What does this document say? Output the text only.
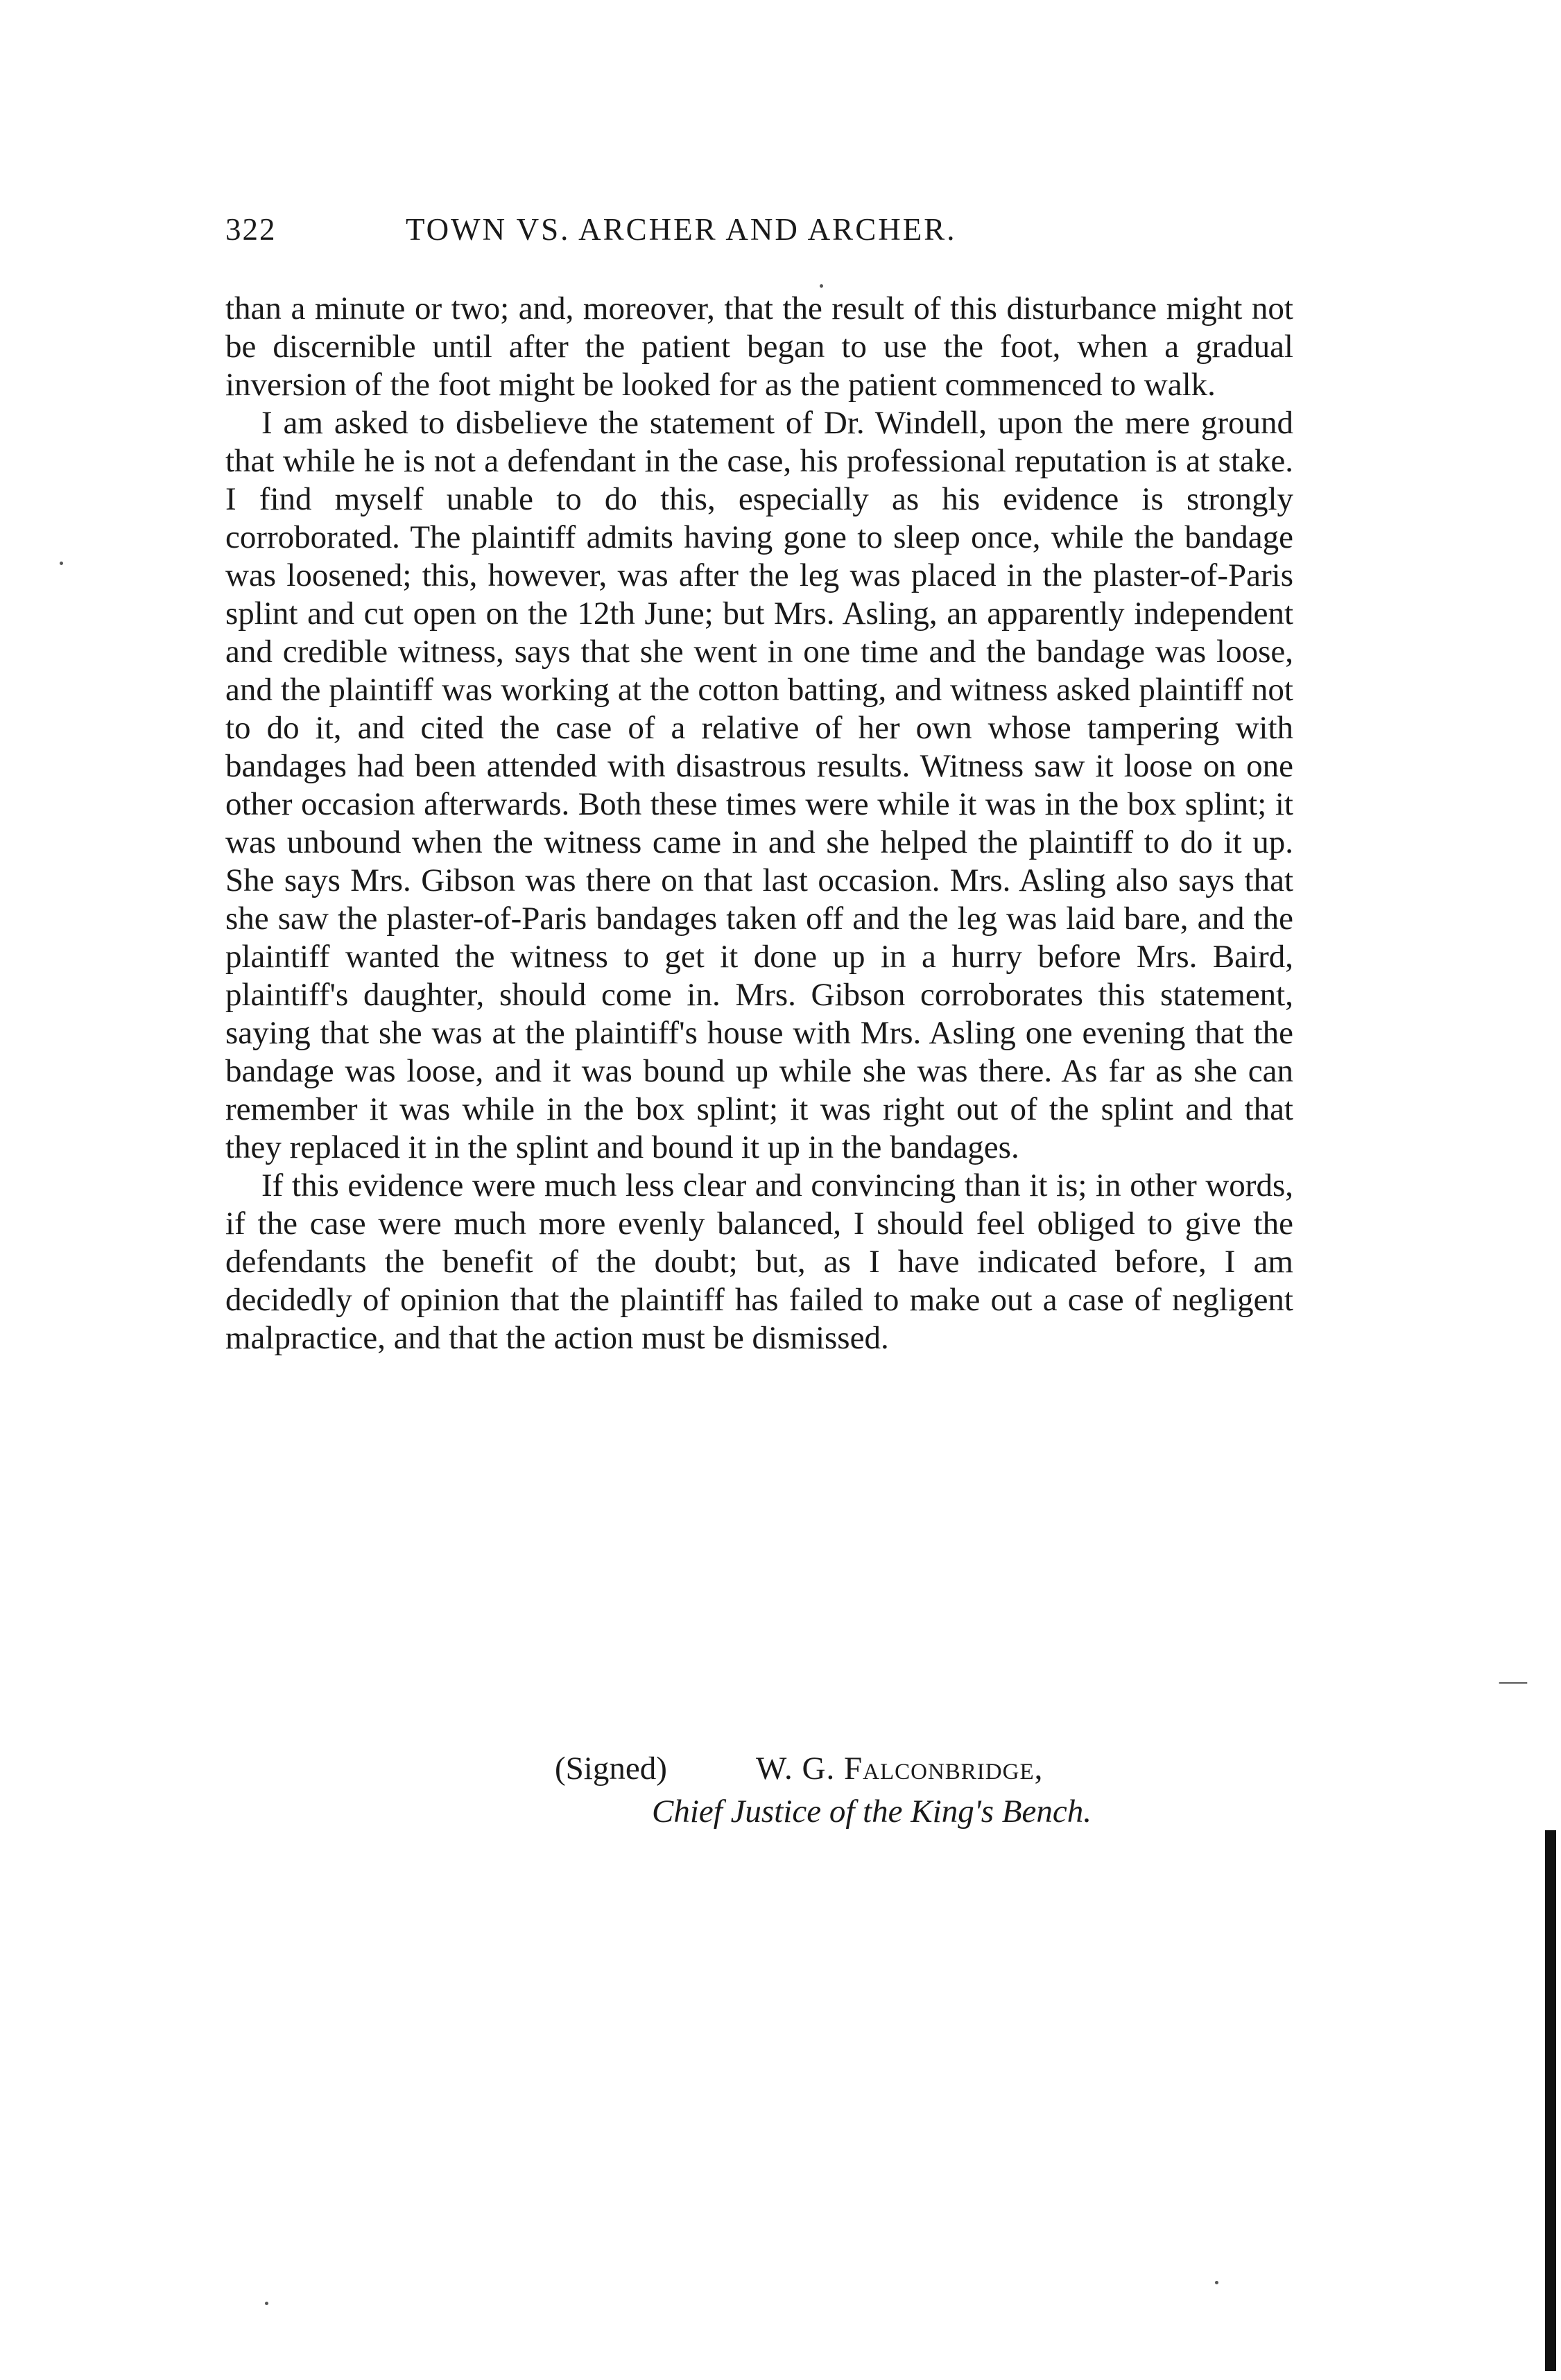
322	TOWN VS. ARCHER AND ARCHER.

than a minute or two; and, moreover, that the result of this disturbance might not be discernible until after the patient began to use the foot, when a gradual inversion of the foot might be looked for as the patient commenced to walk.

I am asked to disbelieve the statement of Dr. Windell, upon the mere ground that while he is not a defendant in the case, his professional reputation is at stake. I find myself unable to do this, especially as his evidence is strongly corroborated. The plaintiff admits having gone to sleep once, while the bandage was loosened; this, however, was after the leg was placed in the plaster-of-Paris splint and cut open on the 12th June; but Mrs. Asling, an apparently independent and credible witness, says that she went in one time and the bandage was loose, and the plaintiff was working at the cotton batting, and witness asked plaintiff not to do it, and cited the case of a relative of her own whose tampering with bandages had been attended with disastrous results. Witness saw it loose on one other occasion afterwards. Both these times were while it was in the box splint; it was unbound when the witness came in and she helped the plaintiff to do it up. She says Mrs. Gibson was there on that last occasion. Mrs. Asling also says that she saw the plaster-of-Paris bandages taken off and the leg was laid bare, and the plaintiff wanted the witness to get it done up in a hurry before Mrs. Baird, plaintiff's daughter, should come in. Mrs. Gibson corroborates this statement, saying that she was at the plaintiff's house with Mrs. Asling one evening that the bandage was loose, and it was bound up while she was there. As far as she can remember it was while in the box splint; it was right out of the splint and that they replaced it in the splint and bound it up in the bandages.

If this evidence were much less clear and convincing than it is; in other words, if the case were much more evenly balanced, I should feel obliged to give the defendants the benefit of the doubt; but, as I have indicated before, I am decidedly of opinion that the plaintiff has failed to make out a case of negligent malpractice, and that the action must be dismissed.

(Signed)	W. G. Falconbridge,
Chief Justice of the King's Bench.
—
